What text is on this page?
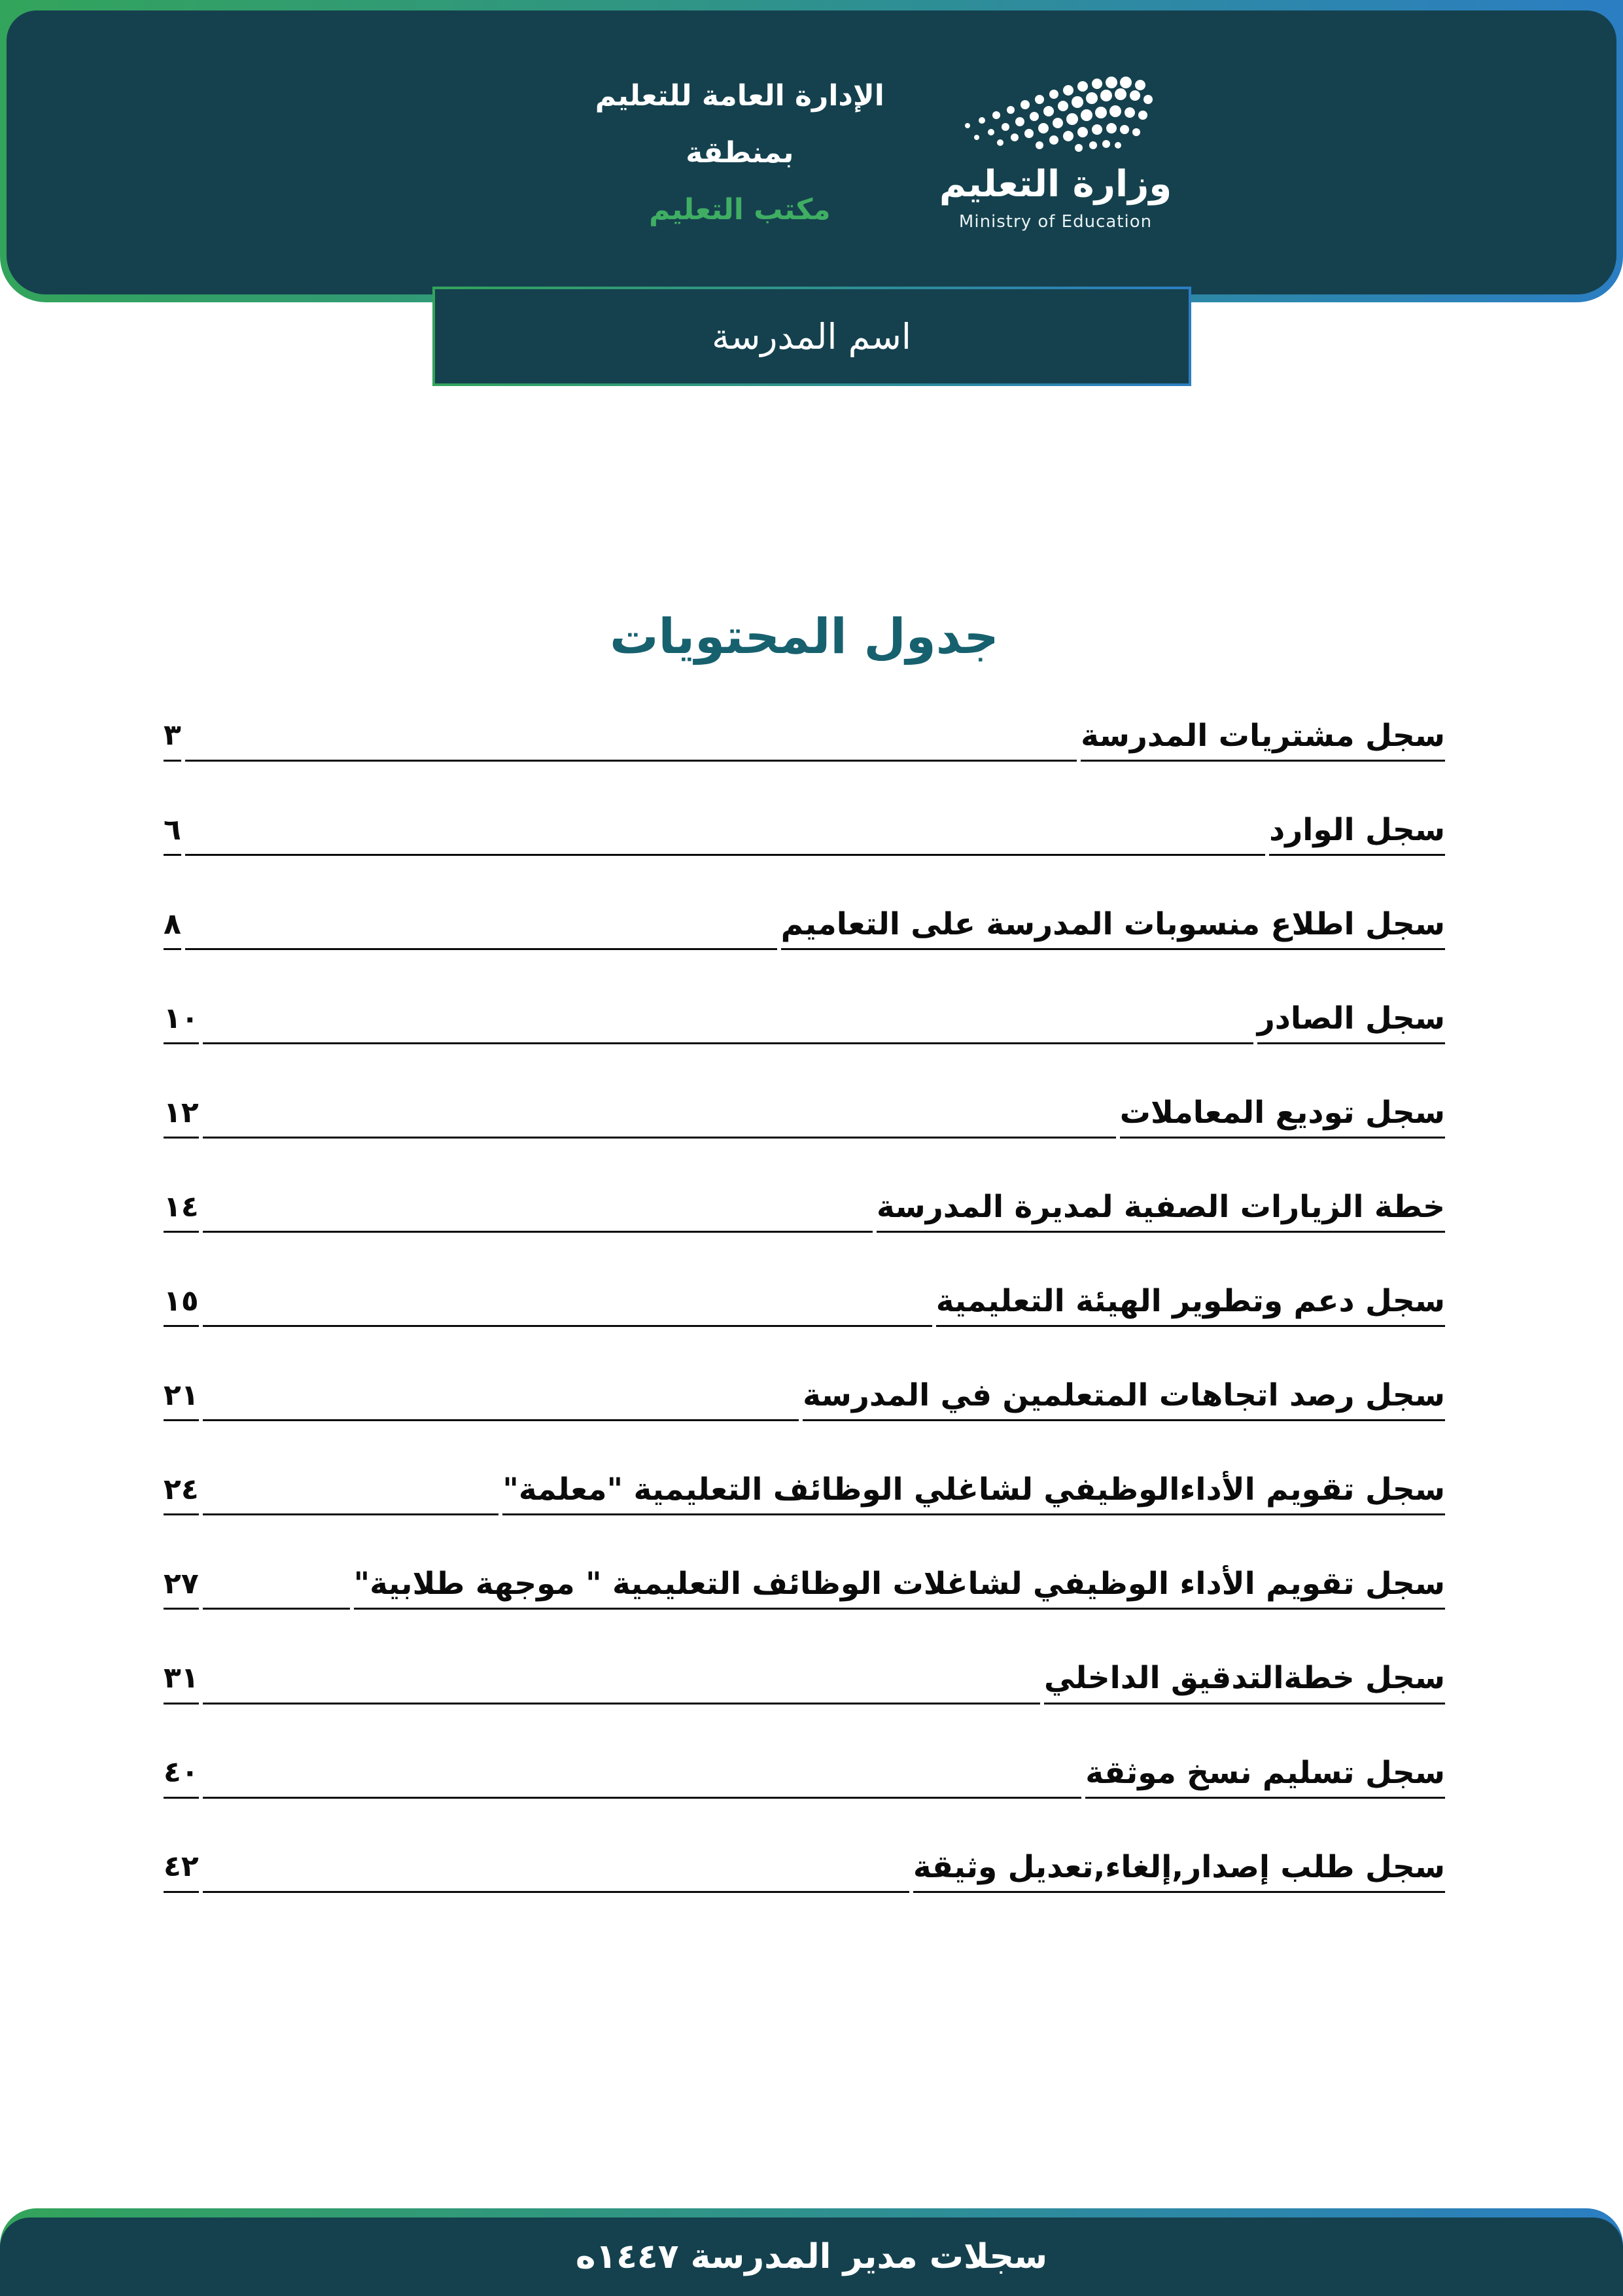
الإدارة العامة للتعليم
بمنطقة
مكتب التعليم
وزارة التعليم
Ministry of Education
اسم المدرسة
جدول المحتويات
سجل مشتريات المدرسة
٣
سجل الوارد
٦
سجل اطلاع منسوبات المدرسة على التعاميم
٨
سجل الصادر
١٠
سجل توديع المعاملات
١٢
خطة الزيارات الصفية لمديرة المدرسة
١٤
سجل دعم وتطوير الهيئة التعليمية
١٥
سجل رصد اتجاهات المتعلمين في المدرسة
٢١
سجل تقويم الأداءالوظيفي لشاغلي الوظائف التعليمية "معلمة"
٢٤
سجل تقويم الأداء الوظيفي لشاغلات الوظائف التعليمية " موجهة طلابية"
٢٧
سجل خطةالتدقيق الداخلي
٣١
سجل تسليم نسخ موثقة
٤٠
سجل طلب إصدار,إلغاء,تعديل وثيقة
٤٢
سجلات مدير المدرسة ١٤٤٧ه
